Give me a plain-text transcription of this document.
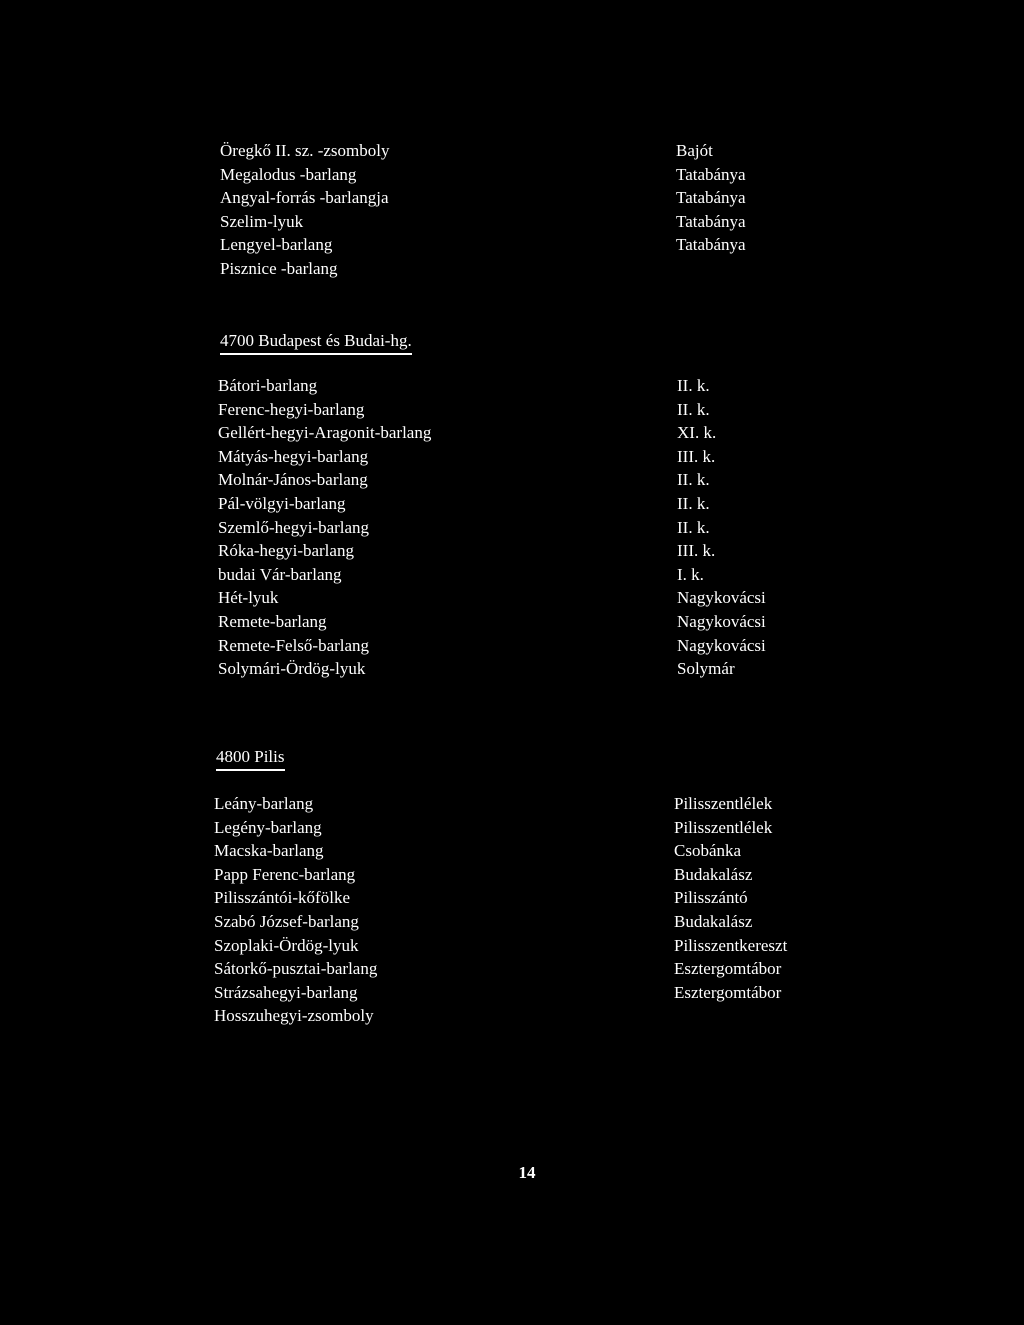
Öregkő II. sz. -zsomboly	Bajót
Megalodus -barlang	Tatabánya
Angyal-forrás -barlangja	Tatabánya
Szelim-lyuk	Tatabánya
Lengyel-barlang	Tatabánya
Pisznice -barlang
4700 Budapest és Budai-hg.
Bátori-barlang	II. k.
Ferenc-hegyi-barlang	II. k.
Gellért-hegyi-Aragonit-barlang	XI. k.
Mátyás-hegyi-barlang	III. k.
Molnár-János-barlang	II. k.
Pál-völgyi-barlang	II. k.
Szemlő-hegyi-barlang	II. k.
Róka-hegyi-barlang	III. k.
budai Vár-barlang	I. k.
Hét-lyuk	Nagykovácsi
Remete-barlang	Nagykovácsi
Remete-Felső-barlang	Nagykovácsi
Solymári-Ördög-lyuk	Solymár
4800 Pilis
Leány-barlang	Pilisszentlélek
Legény-barlang	Pilisszentlélek
Macska-barlang	Csobánka
Papp Ferenc-barlang	Budakalász
Pilisszántói-kőfölke	Pilisszántó
Szabó József-barlang	Budakalász
Szoplaki-Ördög-lyuk	Pilisszentkereszt
Sátorkő-pusztai-barlang	Esztergomtábor
Strázsahegyi-barlang	Esztergomtábor
Hosszuhegyi-zsomboly
14
